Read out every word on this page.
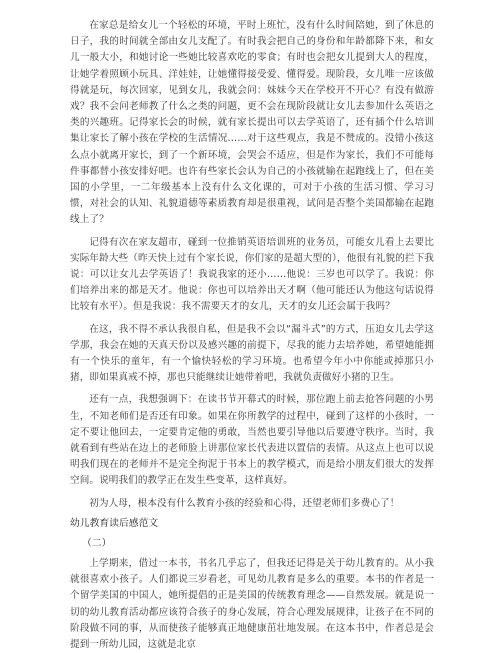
在家总是给女儿一个轻松的环境，平时上班忙，没有什么时间陪她，到了休息的日子，我的时间就全部由女儿支配了。有时我会把自己的身份和年龄都降下来，和女儿一般大小，和她讨论一些她比较喜欢吃的零食；有时也会把女儿提到大人的程度，让她学着照顾小玩具、洋娃娃，让她懂得接受爱、懂得爱。现阶段，女儿唯一应该做得就是玩，每次回家，见到女儿，我就会问：妹妹今天在学校开不开心？有没有做游戏？我不会问老师教了什么之类的问题，更不会在现阶段就让女儿去参加什么英语之类的兴趣班。记得家长会的时候，就有家长提出可以去学英语了，还有插个什么培训集让家长了解小孩在学校的生活情况……对于这些观点，我是不赞成的。没错小孩这么点小就离开家长，到了一个新环境，会哭会不适应，但是作为家长，我们不可能每件事都替小孩安排好吧。也许有些家长会认为自己的小孩就输在起跑线上了，但在美国的小学里，一二年级基本上没有什么文化课的，可对于小孩的生活习惯、学习习惯，对社会的认知、礼貌道德等素质教育却是很重视，试问是否整个美国都输在起跑线上了？

记得有次在家友超市，碰到一位推销英语培训班的业务员，可能女儿看上去要比实际年龄大些（昨天快上过有个家长说，你们家的是超大型的），他很有礼貌的拦下我说：可以让女儿去学英语了！我说我家的还小……他说：三岁也可以学了。我说：你们培养出来的都是天才。他说：你也可以培养出天才啊（他可能还认为他这句话说得比较有水平）。但是我说：我不需要天才的女儿，天才的女儿还会属于我吗？

在这，我不得不承认我很自私，但是我不会以“漏斗式”的方式，压迫女儿去学这学那，我会在她的天真天份以及感兴趣的前提下，尽我的能力去培养她，希望她能拥有一个快乐的童年，有一个愉快轻松的学习环境。也希望今年小中你能或掉那只小猪，即如果真戒不掉，那也只能继续让她带着吧，我就负责做好小猪的卫生。

还有一点，我想强调下：在读书节开幕式的时候，那位跑上前去抢答问题的小男生，不知老师们是否还有印象。如果在你所教学的过程中，碰到了这样的小孩时，一定不要让他回去，一定要肯定他的勇敢，当然也要引导他以后要遵守秩序。当时，我就看到有些站在边上的老师脸上讲那位家长代表进以置信的表情。从这点上也可以说明我们现在的老师并不是完全拘泥于书本上的教学模式，而是给小朋友们很大的发挥空间。说明我们的教学正在发生些变革，这样真好。

初为人母，根本没有什么教育小孩的经验和心得，还望老师们多费心了！

幼儿教育读后感范文
（二）

上学期来，借过一本书，书名几乎忘了，但我还记得是关于幼儿教育的。从小我就很喜欢小孩子。人们都说三岁看老，可见幼儿教育是多么的重要。本书的作者是一个留学美国的中国人，她所提倡的正是美国的传统教育理念——自然发展。就是说一切的幼儿教育活动都应该符合孩子的身心发展，符合心理发展规律，让孩子在不同的阶段做不同的事，从而使孩子能够真正地健康茁壮地发展。在这本书中，作者总是会提到一所幼儿园，这就是北京
